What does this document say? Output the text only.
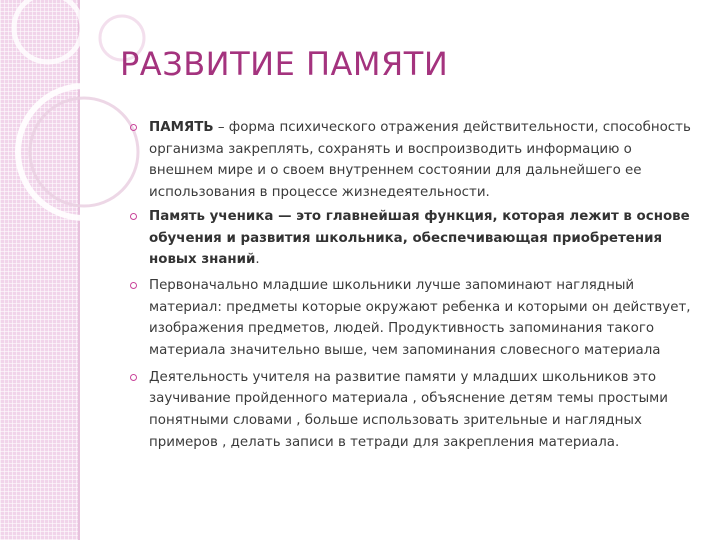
РАЗВИТИЕ ПАМЯТИ
ПАМЯТЬ – форма психического отражения действительности, способность организма закреплять, сохранять и воспроизводить информацию о внешнем мире и о своем внутреннем состоянии для дальнейшего ее использования в процессе жизнедеятельности.
Память ученика — это главнейшая функция, которая лежит в основе обучения и развития школьника, обеспечивающая приобретения новых знаний.
Первоначально младшие школьники лучше запоминают наглядный материал: предметы которые окружают ребенка и которыми он действует, изображения предметов, людей. Продуктивность запоминания такого материала значительно выше, чем запоминания словесного материала
Деятельность учителя на развитие памяти у младших школьников это заучивание пройденного материала , объяснение детям темы простыми понятными словами , больше использовать зрительные и наглядных примеров , делать записи в тетради для закрепления материала.
